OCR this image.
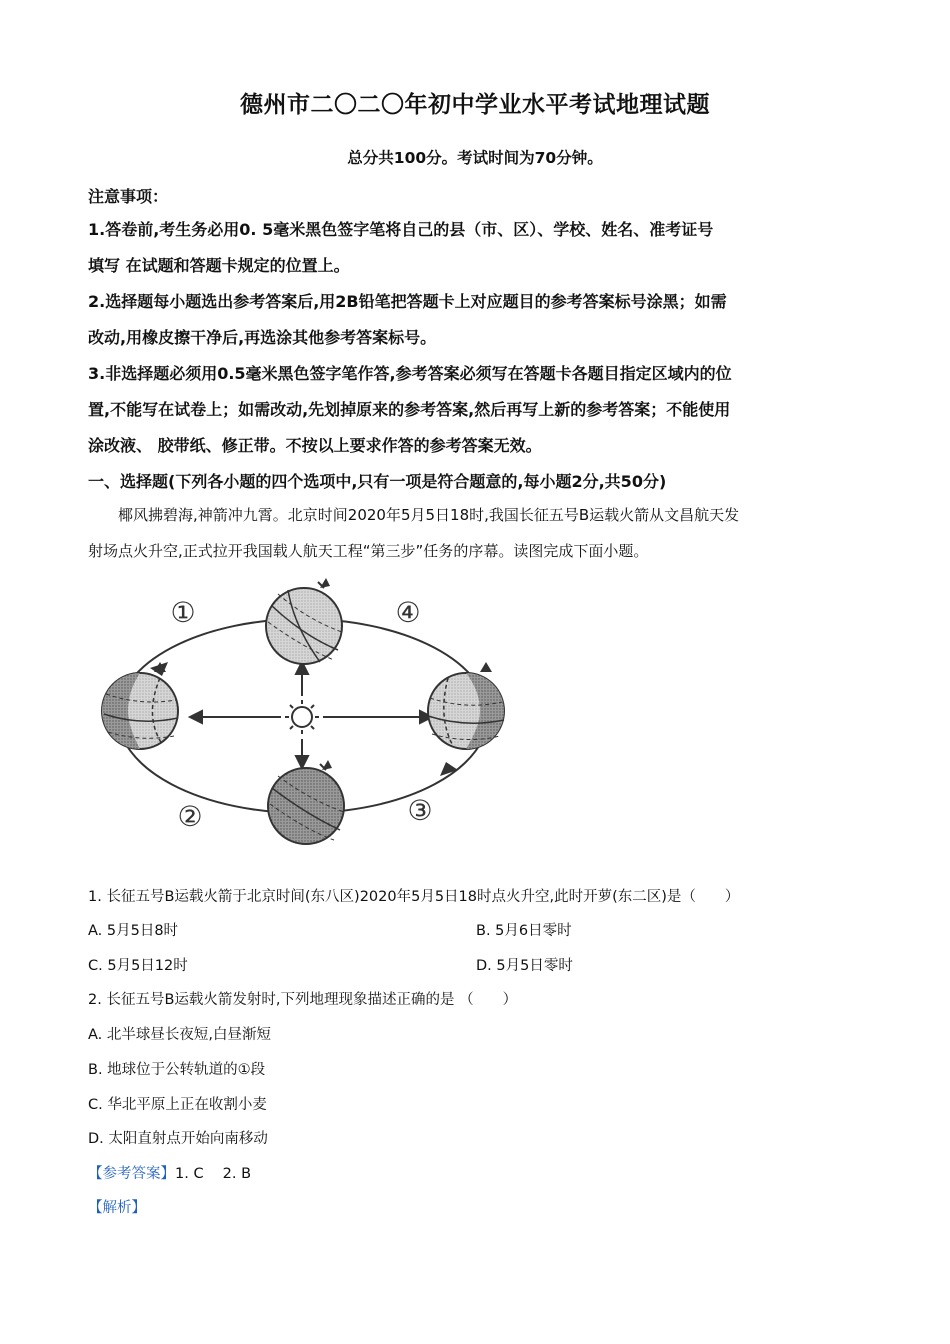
德州市二〇二〇年初中学业水平考试地理试题
总分共100分。考试时间为70分钟。
注意事项：
1.答卷前,考生务必用0. 5毫米黑色签字笔将自己的县（市、区）、学校、姓名、准考证号
填写 在试题和答题卡规定的位置上。
2.选择题每小题选出参考答案后,用2B铅笔把答题卡上对应题目的参考答案标号涂黑；如需
改动,用橡皮擦干净后,再选涂其他参考答案标号。
3.非选择题必须用0.5毫米黑色签字笔作答,参考答案必须写在答题卡各题目指定区域内的位
置,不能写在试卷上；如需改动,先划掉原来的参考答案,然后再写上新的参考答案；不能使用
涂改液、 胶带纸、修正带。不按以上要求作答的参考答案无效。
一、选择题(下列各小题的四个选项中,只有一项是符合题意的,每小题2分,共50分)
椰风拂碧海,神箭冲九霄。北京时间2020年5月5日18时,我国长征五号B运载火箭从文昌航天发
射场点火升空,正式拉开我国载人航天工程“第三步”任务的序幕。读图完成下面小题。
①
②	③
④
1. 长征五号B运载火箭于北京时间(东八区)2020年5月5日18时点火升空,此时开萝(东二区)是（　　）
A. 5月5日8时	B. 5月6日零时
C. 5月5日12时	D. 5月5日零时
2. 长征五号B运载火箭发射时,下列地理现象描述正确的是 （　　）
A. 北半球昼长夜短,白昼渐短
B. 地球位于公转轨道的①段
C. 华北平原上正在收割小麦
D. 太阳直射点开始向南移动
【参考答案】1. C　 2. B
【解析】
